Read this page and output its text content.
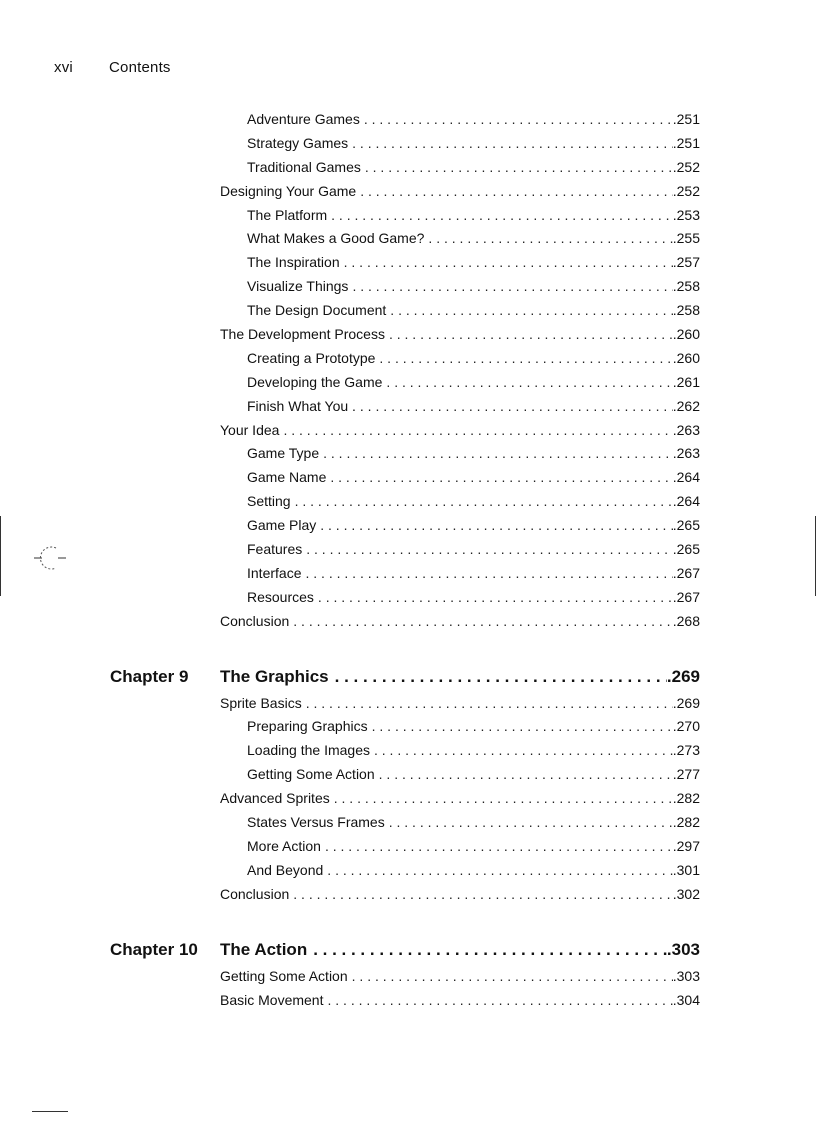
xvi Contents
Adventure Games . . .	.251
Strategy Games . . .	.251
Traditional Games . . .	.252
Designing Your Game . . .	.252
The Platform . . .	.253
What Makes a Good Game? . . .	.255
The Inspiration . . .	.257
Visualize Things . . .	.258
The Design Document . . .	.258
The Development Process . . .	.260
Creating a Prototype . . .	.260
Developing the Game . . .	.261
Finish What You . . . . . .	.262
Your Idea . . .	.263
Game Type . . .	.263
Game Name . . .	.264
Setting . . .	.264
Game Play . . .	.265
Features . . .	.265
Interface . . .	.267
Resources . . .	.267
Conclusion . . .	.268
Chapter 9	The Graphics . . .	.269
Sprite Basics . . .	.269
Preparing Graphics . . .	.270
Loading the Images . . .	.273
Getting Some Action . . .	.277
Advanced Sprites . . .	.282
States Versus Frames . . .	.282
More Action . . .	.297
And Beyond . . .	.301
Conclusion . . .	.302
Chapter 10	The Action . . .	.303
Getting Some Action . . .	.303
Basic Movement . . .	.304
